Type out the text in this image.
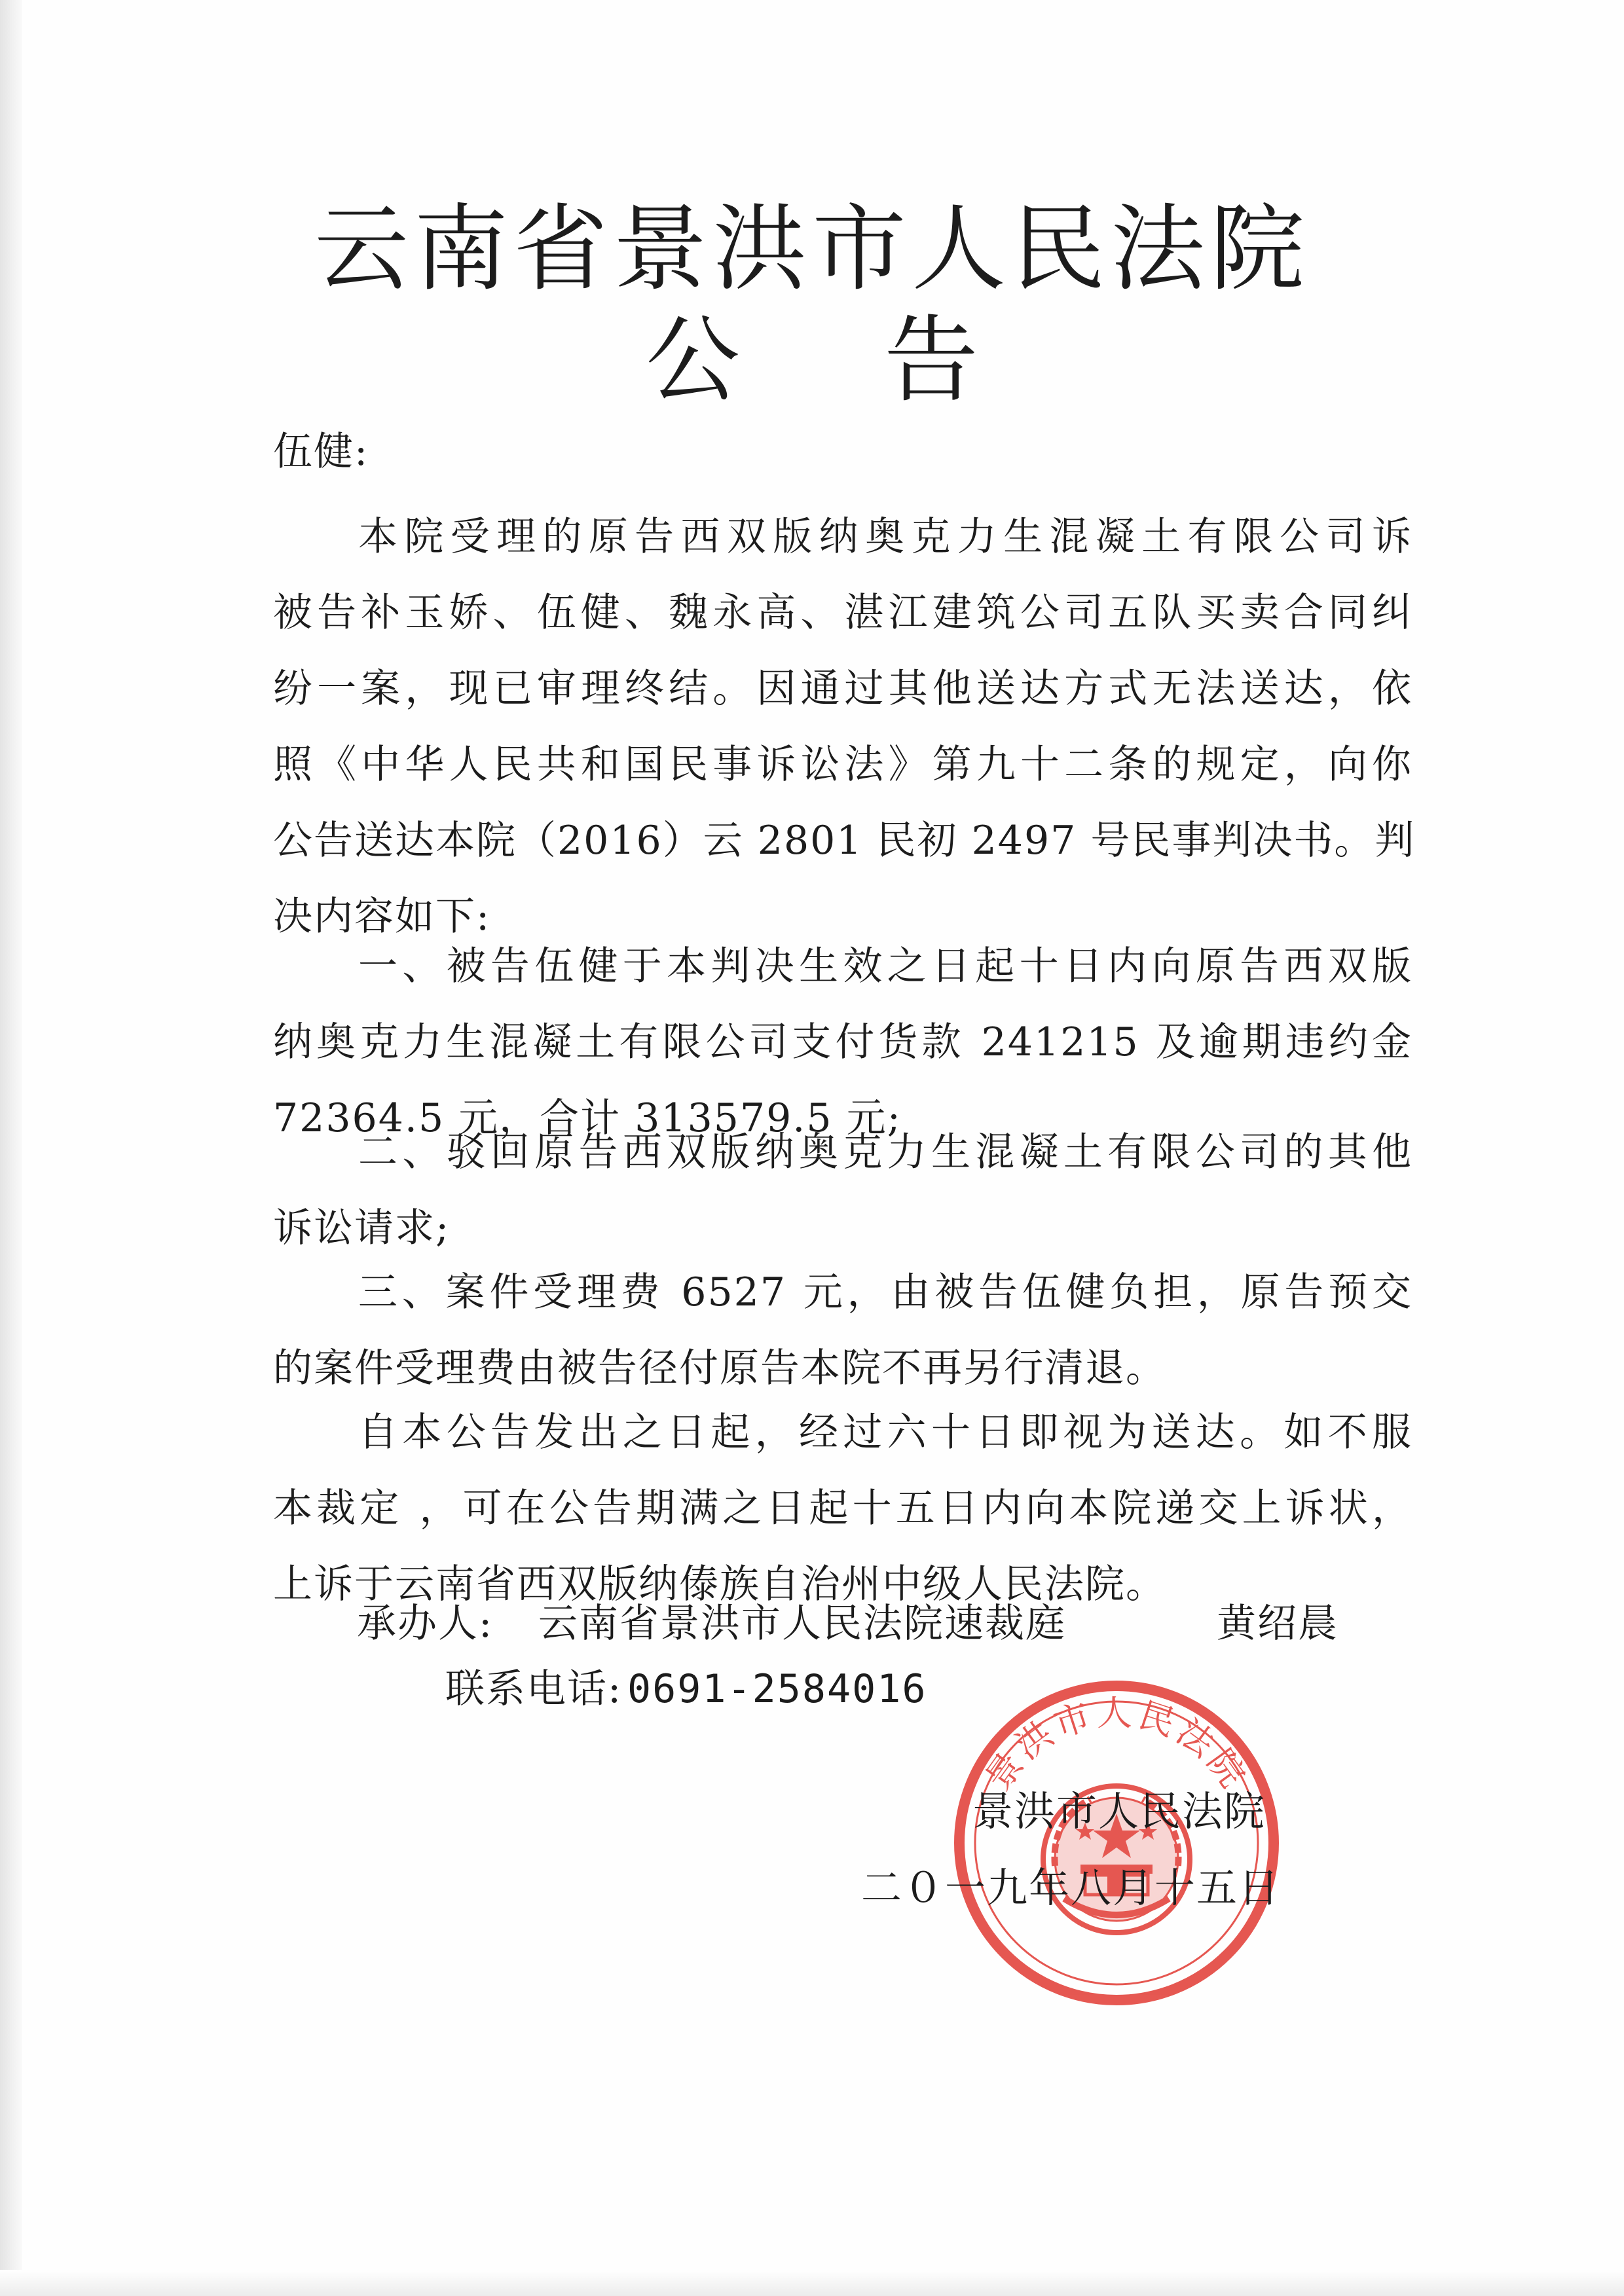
云南省景洪市人民法院
公告
伍健:
本院受理的原告西双版纳奥克力生混凝土有限公司诉
被告补玉娇、伍健、魏永高、湛江建筑公司五队买卖合同纠
纷一案，现已审理终结。因通过其他送达方式无法送达，依
照《中华人民共和国民事诉讼法》第九十二条的规定，向你
公告送达本院（2016）云 2801 民初 2497 号民事判决书。判
决内容如下:
一、被告伍健于本判决生效之日起十日内向原告西双版
纳奥克力生混凝土有限公司支付货款 241215 及逾期违约金
72364.5 元，合计 313579.5 元;
二、驳回原告西双版纳奥克力生混凝土有限公司的其他
诉讼请求;
三、案件受理费 6527 元，由被告伍健负担，原告预交
的案件受理费由被告径付原告本院不再另行清退。
自本公告发出之日起，经过六十日即视为送达。如不服
本裁定 ，可在公告期满之日起十五日内向本院递交上诉状，
上诉于云南省西双版纳傣族自治州中级人民法院。
承办人: 云南省景洪市人民法院速裁庭	黄绍晨
联系电话: 0691-2584016
景洪市人民法院
景洪市人民法院
二０一九年八月十五日
